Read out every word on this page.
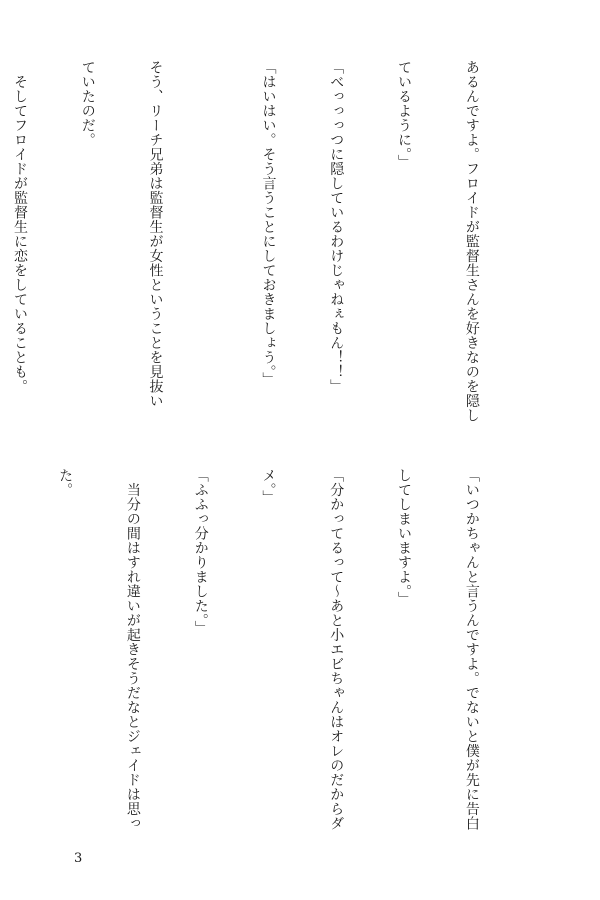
あるんですよ。フロイドが監督生さんを好きなのを隠し

ているように。」

「べっっっつに隠しているわけじゃねぇもん！！」

「はいはい。そう言うことにしておきましょう。」

そう、リーチ兄弟は監督生が女性ということを見抜い

ていたのだ。

　そしてフロイドが監督生に恋をしていることも。

「いつかちゃんと言うんですよ。でないと僕が先に告白

してしまいますよ。」

「分かってるって〜あと小エビちゃんはオレのだからダ

メ。」

「ふふっ分かりました。」

　当分の間はすれ違いが起きそうだなとジェイドは思っ

た。

3
